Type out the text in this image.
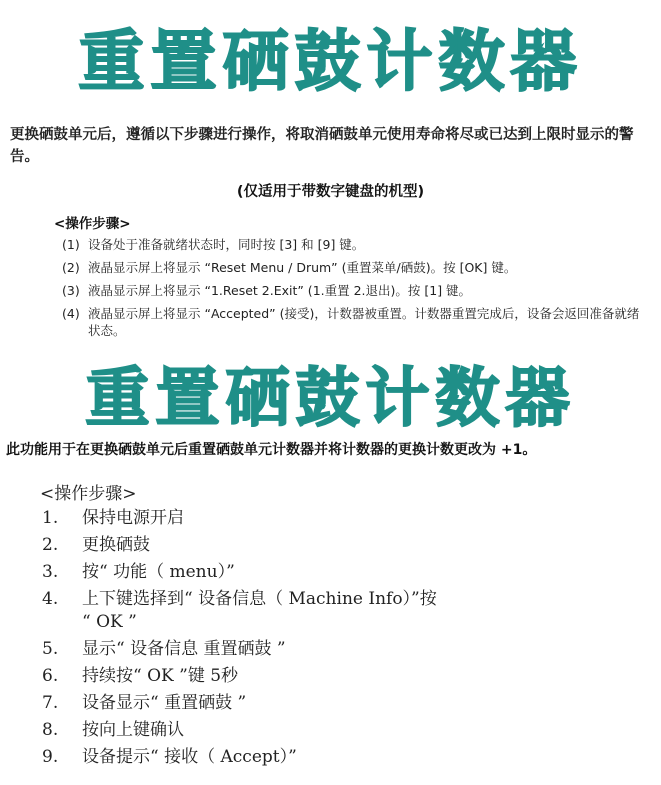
重置硒鼓计数器
更换硒鼓单元后，遵循以下步骤进行操作，将取消硒鼓单元使用寿命将尽或已达到上限时显示的警告。
(仅适用于带数字键盘的机型)
<操作步骤>
(1) 设备处于准备就绪状态时，同时按 [3] 和 [9] 键。
(2) 液晶显示屏上将显示 “Reset Menu / Drum” (重置菜单/硒鼓)。按 [OK] 键。
(3) 液晶显示屏上将显示 “1.Reset 2.Exit” (1.重置 2.退出)。按 [1] 键。
(4) 液晶显示屏上将显示 “Accepted” (接受)，计数器被重置。计数器重置完成后，设备会返回准备就绪状态。
重置硒鼓计数器
此功能用于在更换硒鼓单元后重置硒鼓单元计数器并将计数器的更换计数更改为 +1。
<操作步骤>
1.	保持电源开启
2.	更换硒鼓
3.	按“ 功能（ menu）”
4.	上下键选择到“ 设备信息（ Machine Info）”按
“ OK ”
5.	显示“ 设备信息 重置硒鼓 ”
6.	持续按“ OK ”键 5秒
7.	设备显示“ 重置硒鼓 ”
8.	按向上键确认
9.	设备提示“ 接收（ Accept）”
